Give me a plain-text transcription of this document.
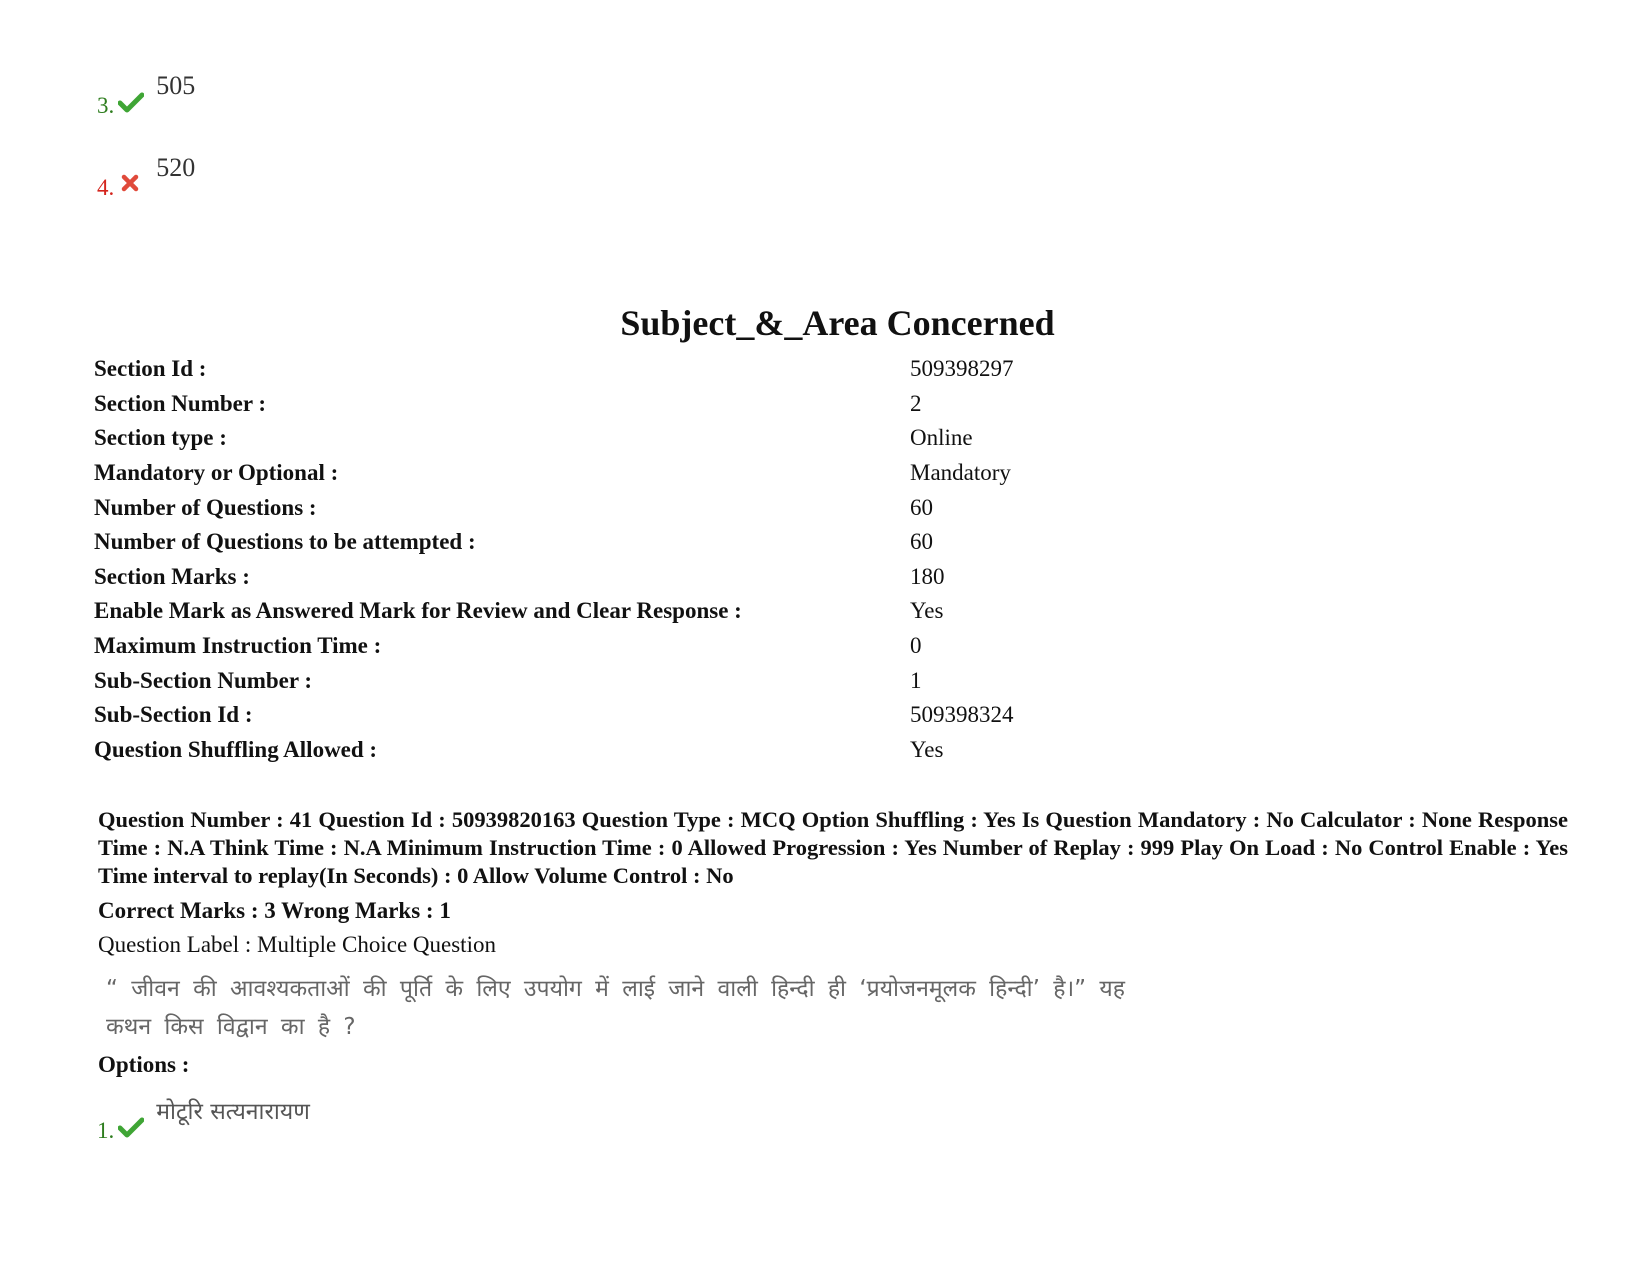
3.
505
4.
520
Subject_&_Area Concerned
Section Id :	509398297
Section Number :	2
Section type :	Online
Mandatory or Optional :	Mandatory
Number of Questions :	60
Number of Questions to be attempted :	60
Section Marks :	180
Enable Mark as Answered Mark for Review and Clear Response :	Yes
Maximum Instruction Time :	0
Sub-Section Number :	1
Sub-Section Id :	509398324
Question Shuffling Allowed :	Yes
Question Number : 41 Question Id : 50939820163 Question Type : MCQ Option Shuffling : Yes Is Question Mandatory : No Calculator : None Response Time : N.A Think Time : N.A Minimum Instruction Time : 0 Allowed Progression : Yes Number of Replay : 999 Play On Load : No Control Enable : Yes Time interval to replay(In Seconds) : 0 Allow Volume Control : No
Correct Marks : 3 Wrong Marks : 1
Question Label : Multiple Choice Question
“ जीवन की आवश्यकताओं की पूर्ति के लिए उपयोग में लाई जाने वाली हिन्दी ही ‘प्रयोजनमूलक हिन्दी’ है।” यह कथन किस विद्वान का है ?
Options :
1.
मोटूरि सत्यनारायण
